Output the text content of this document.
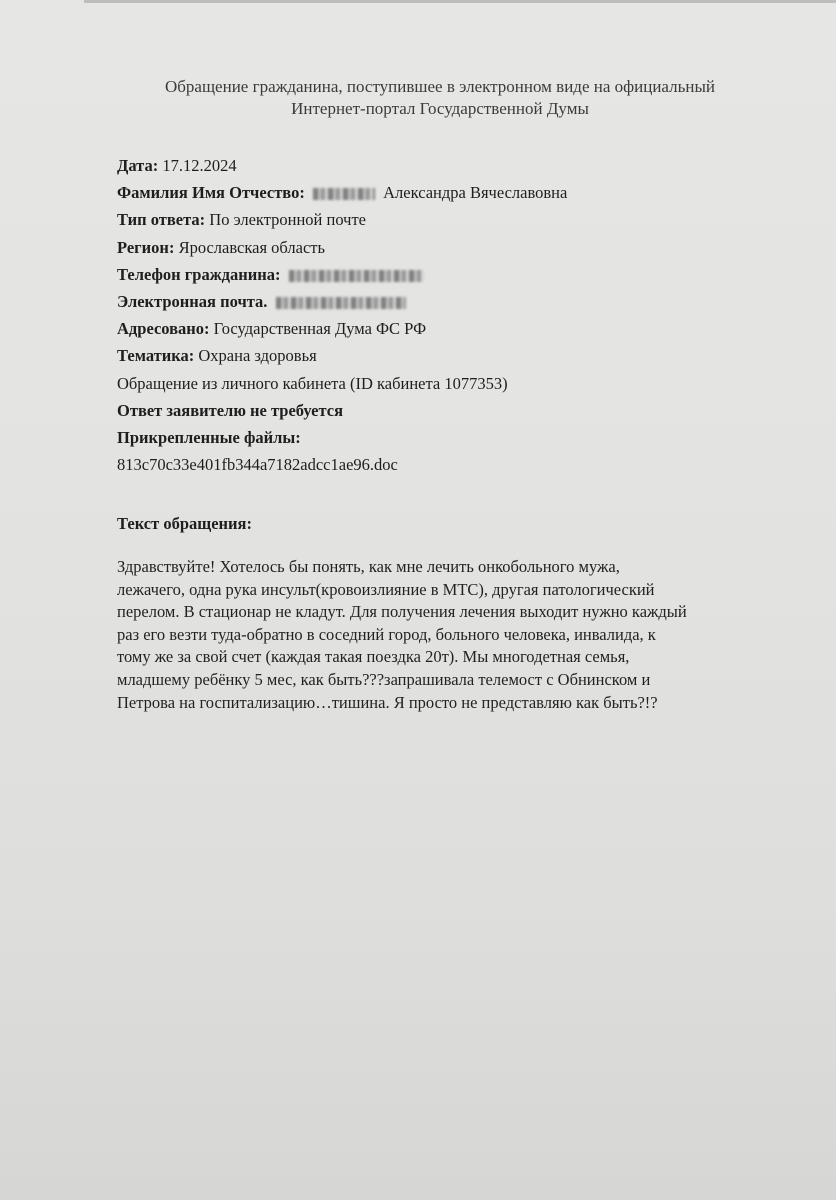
Обращение гражданина, поступившее в электронном виде на официальный
Интернет-портал Государственной Думы
Дата: 17.12.2024
Фамилия Имя Отчество:	Александра Вячеславовна
Тип ответа: По электронной почте
Регион: Ярославская область
Телефон гражданина:
Электронная почта.
Адресовано: Государственная Дума ФС РФ
Тематика: Охрана здоровья
Обращение из личного кабинета (ID кабинета 1077353)
Ответ заявителю не требуется
Прикрепленные файлы:
813c70c33e401fb344a7182adcc1ae96.doc
Текст обращения:
Здравствуйте! Хотелось бы понять, как мне лечить онкобольного мужа,
лежачего, одна рука инсульт(кровоизлияние в МТС), другая патологический
перелом. В стационар не кладут. Для получения лечения выходит нужно каждый
раз его везти туда-обратно в соседний город, больного человека, инвалида, к
тому же за свой счет (каждая такая поездка 20т). Мы многодетная семья,
младшему ребёнку 5 мес, как быть???запрашивала телемост с Обнинском и
Петрова на госпитализацию…тишина. Я просто не представляю как быть?!?
